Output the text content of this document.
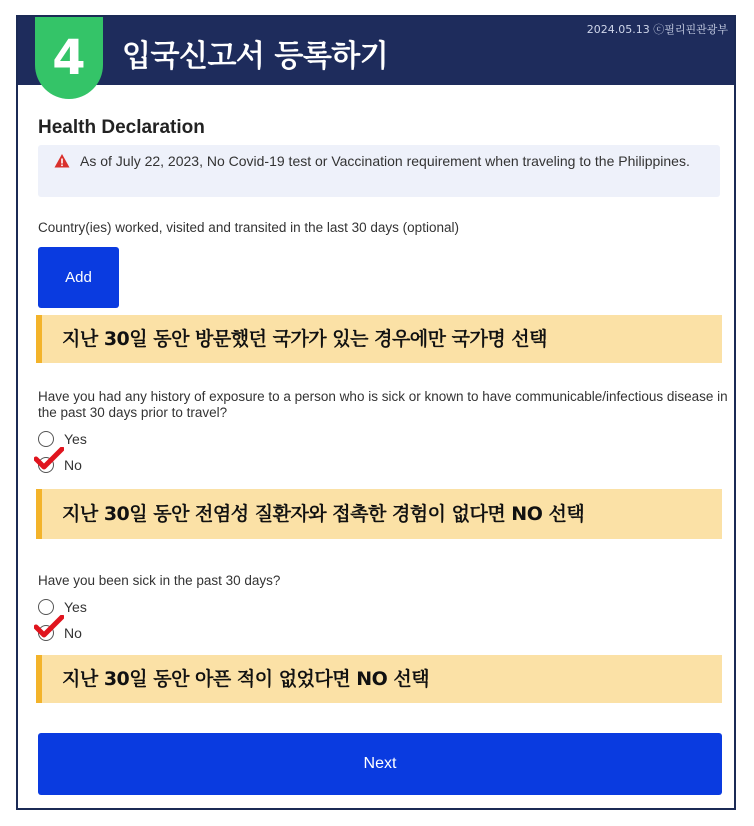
4	입국신고서 등록하기
2024.05.13 ⓒ필리핀관광부
Health Declaration
As of July 22, 2023, No Covid-19 test or Vaccination requirement when traveling to the Philippines.
Country(ies) worked, visited and transited in the last 30 days (optional)
Add
지난 30일 동안 방문했던 국가가 있는 경우에만 국가명 선택
Have you had any history of exposure to a person who is sick or known to have communicable/infectious disease in the past 30 days prior to travel?
Yes
No
지난 30일 동안 전염성 질환자와 접촉한 경험이 없다면 NO 선택
Have you been sick in the past 30 days?
Yes
No
지난 30일 동안 아픈 적이 없었다면 NO 선택
Next
